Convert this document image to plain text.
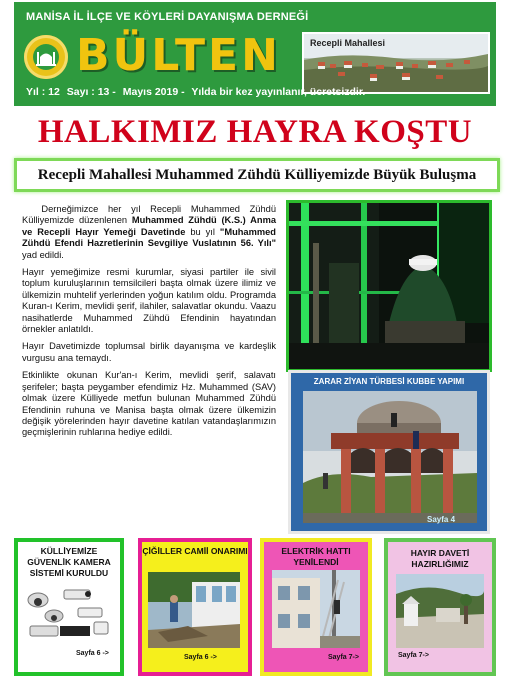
MANİSA İL İLÇE VE KÖYLERİ DAYANIŞMA DERNEĞİ
BÜLTEN	Recepli Mahallesi
Yıl : 12 Sayı : 13 - Mayıs 2019 - Yılda bir kez yayınlanır, ücretsizdir.
HALKIMIZ HAYRA KOŞTU
Recepli Mahallesi Muhammed Zühdü Külliyemizde Büyük Buluşma

Derneğimizce her yıl Recepli Muhammed Zühdü Külliyemizde düzenlenen Muhammed Zühdü (K.S.) Anma ve Recepli Hayır Yemeği Davetinde bu yıl "Muhammed Zühdü Efendi Hazretlerinin Sevgiliye Vuslatının 56. Yılı" yad edildi.

Hayır yemeğimize resmi kurumlar, siyasi partiler ile sivil toplum kuruluşlarının temsilcileri başta olmak üzere ilimiz ve ülkemizin muhtelif yerlerinden yoğun katılım oldu. Programda Kuran-ı Kerim, mevlidi şerif, ilahiler, salavatlar okundu. Vaazu nasihatlerde Muhammed Zühdü Efendinin hayatından örnekler anlatıldı.

Hayır Davetimizde toplumsal birlik dayanışma ve kardeşlik vurgusu ana temaydı.

Etkinlikte okunan Kur'an-ı Kerim, mevlidi şerif, salavatı şerifeler; başta peygamber efendimiz Hz. Muhammed (SAV) olmak üzere Külliyede metfun bulunan Muhammed Zühdü Efendinin ruhuna ve Manisa başta olmak üzere ülkemizin değişik yörelerinden hayır davetine katılan vatandaşlarımızın geçmişlerinin ruhlarına hediye edildi.

ZARAR ZİYAN TÜRBESİ KUBBE YAPIMI
Sayfa 4
KÜLLİYEMİZE GÜVENLİK KAMERA SİSTEMİ KURULDU
Sayfa 6 ->
ÇİĞİLLER CAMİİ ONARIMI
Sayfa 6 ->
ELEKTRİK HATTI YENİLENDİ
Sayfa 7->
HAYIR DAVETİ HAZIRLIĞIMIZ
Sayfa 7->
